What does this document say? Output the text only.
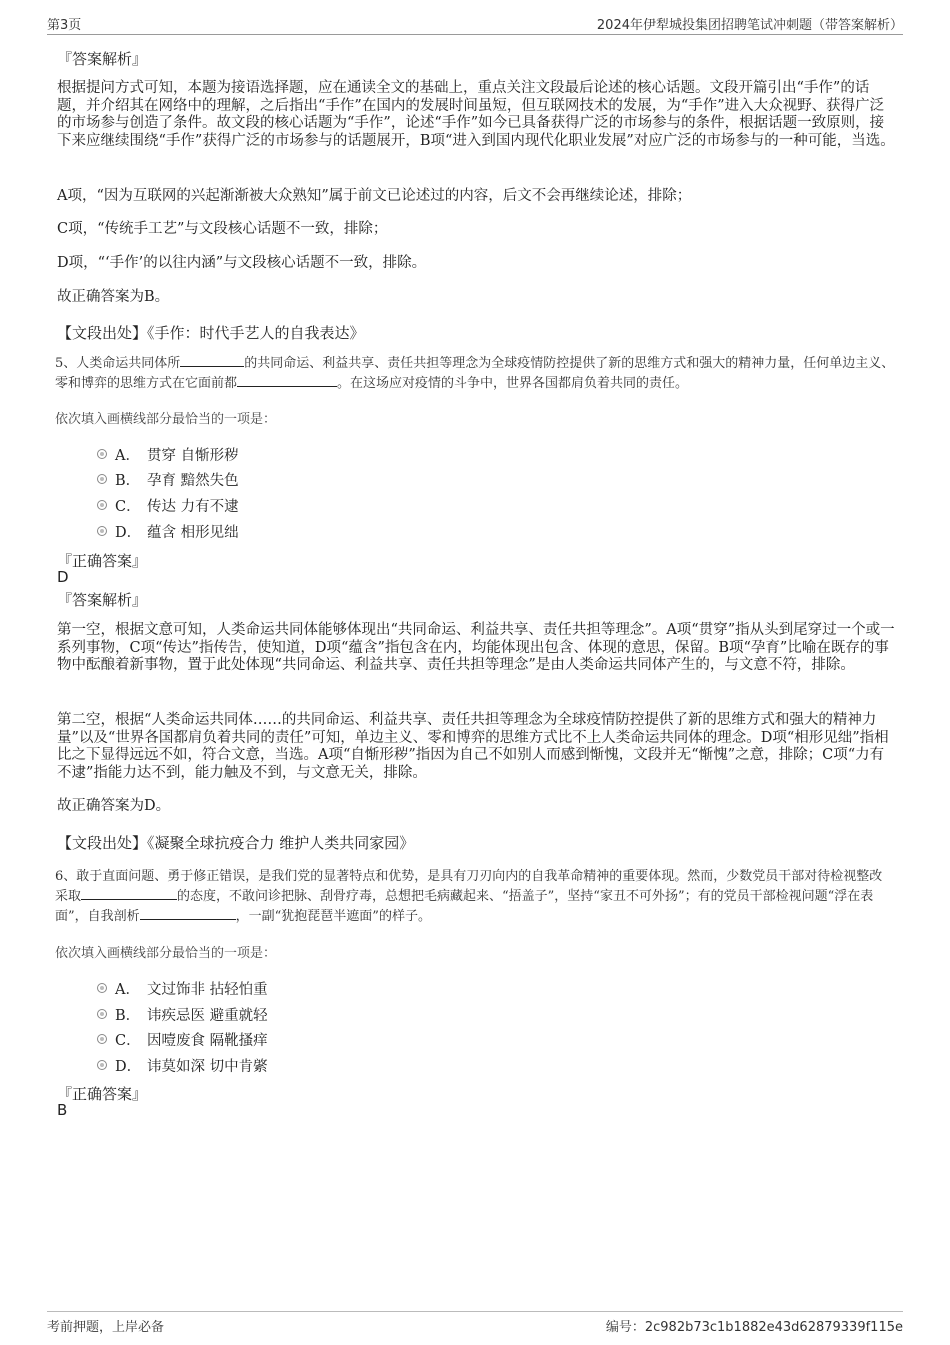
第3页	2024年伊犁城投集团招聘笔试冲刺题（带答案解析）
『答案解析』

根据提问方式可知，本题为接语选择题，应在通读全文的基础上，重点关注文段最后论述的核心话题。文段开篇引出“手作”的话题，并介绍其在网络中的理解，之后指出“手作”在国内的发展时间虽短，但互联网技术的发展，为“手作”进入大众视野、获得广泛的市场参与创造了条件。故文段的核心话题为“手作”，论述“手作”如今已具备获得广泛的市场参与的条件，根据话题一致原则，接下来应继续围绕“手作”获得广泛的市场参与的话题展开，B项“进入到国内现代化职业发展”对应广泛的市场参与的一种可能，当选。

A项，“因为互联网的兴起渐渐被大众熟知”属于前文已论述过的内容，后文不会再继续论述，排除；

C项，“传统手工艺”与文段核心话题不一致，排除；

D项，“‘手作’的以往内涵”与文段核心话题不一致，排除。

故正确答案为B。

【文段出处】《手作：时代手艺人的自我表达》

5、人类命运共同体所	的共同命运、利益共享、责任共担等理念为全球疫情防控提供了新的思维方式和强大的精神力量，任何单边主义、零和博弈的思维方式在它面前都	。在这场应对疫情的斗争中，世界各国都肩负着共同的责任。

依次填入画横线部分最恰当的一项是：

A． 贯穿 自惭形秽
B． 孕育 黯然失色
C． 传达 力有不逮
D． 蕴含 相形见绌
『正确答案』
D
『答案解析』

第一空，根据文意可知，人类命运共同体能够体现出“共同命运、利益共享、责任共担等理念”。A项“贯穿”指从头到尾穿过一个或一系列事物，C项“传达”指传告，使知道，D项“蕴含”指包含在内，均能体现出包含、体现的意思，保留。B项“孕育”比喻在既存的事物中酝酿着新事物，置于此处体现“共同命运、利益共享、责任共担等理念”是由人类命运共同体产生的，与文意不符，排除。

第二空，根据“人类命运共同体……的共同命运、利益共享、责任共担等理念为全球疫情防控提供了新的思维方式和强大的精神力量”以及“世界各国都肩负着共同的责任”可知，单边主义、零和博弈的思维方式比不上人类命运共同体的理念。D项“相形见绌”指相比之下显得远远不如，符合文意，当选。A项“自惭形秽”指因为自己不如别人而感到惭愧，文段并无“惭愧”之意，排除；C项“力有不逮”指能力达不到，能力触及不到，与文意无关，排除。

故正确答案为D。

【文段出处】《凝聚全球抗疫合力 维护人类共同家园》

6、敢于直面问题、勇于修正错误，是我们党的显著特点和优势，是具有刀刃向内的自我革命精神的重要体现。然而，少数党员干部对待检视整改采取	的态度，不敢问诊把脉、刮骨疗毒，总想把毛病藏起来、“捂盖子”，坚持“家丑不可外扬”；有的党员干部检视问题“浮在表面”，自我剖析	，一副“犹抱琵琶半遮面”的样子。

依次填入画横线部分最恰当的一项是：

A． 文过饰非 拈轻怕重
B． 讳疾忌医 避重就轻
C． 因噎废食 隔靴搔痒
D． 讳莫如深 切中肯綮
『正确答案』
B
考前押题，上岸必备	编号：2c982b73c1b1882e43d62879339f115e
